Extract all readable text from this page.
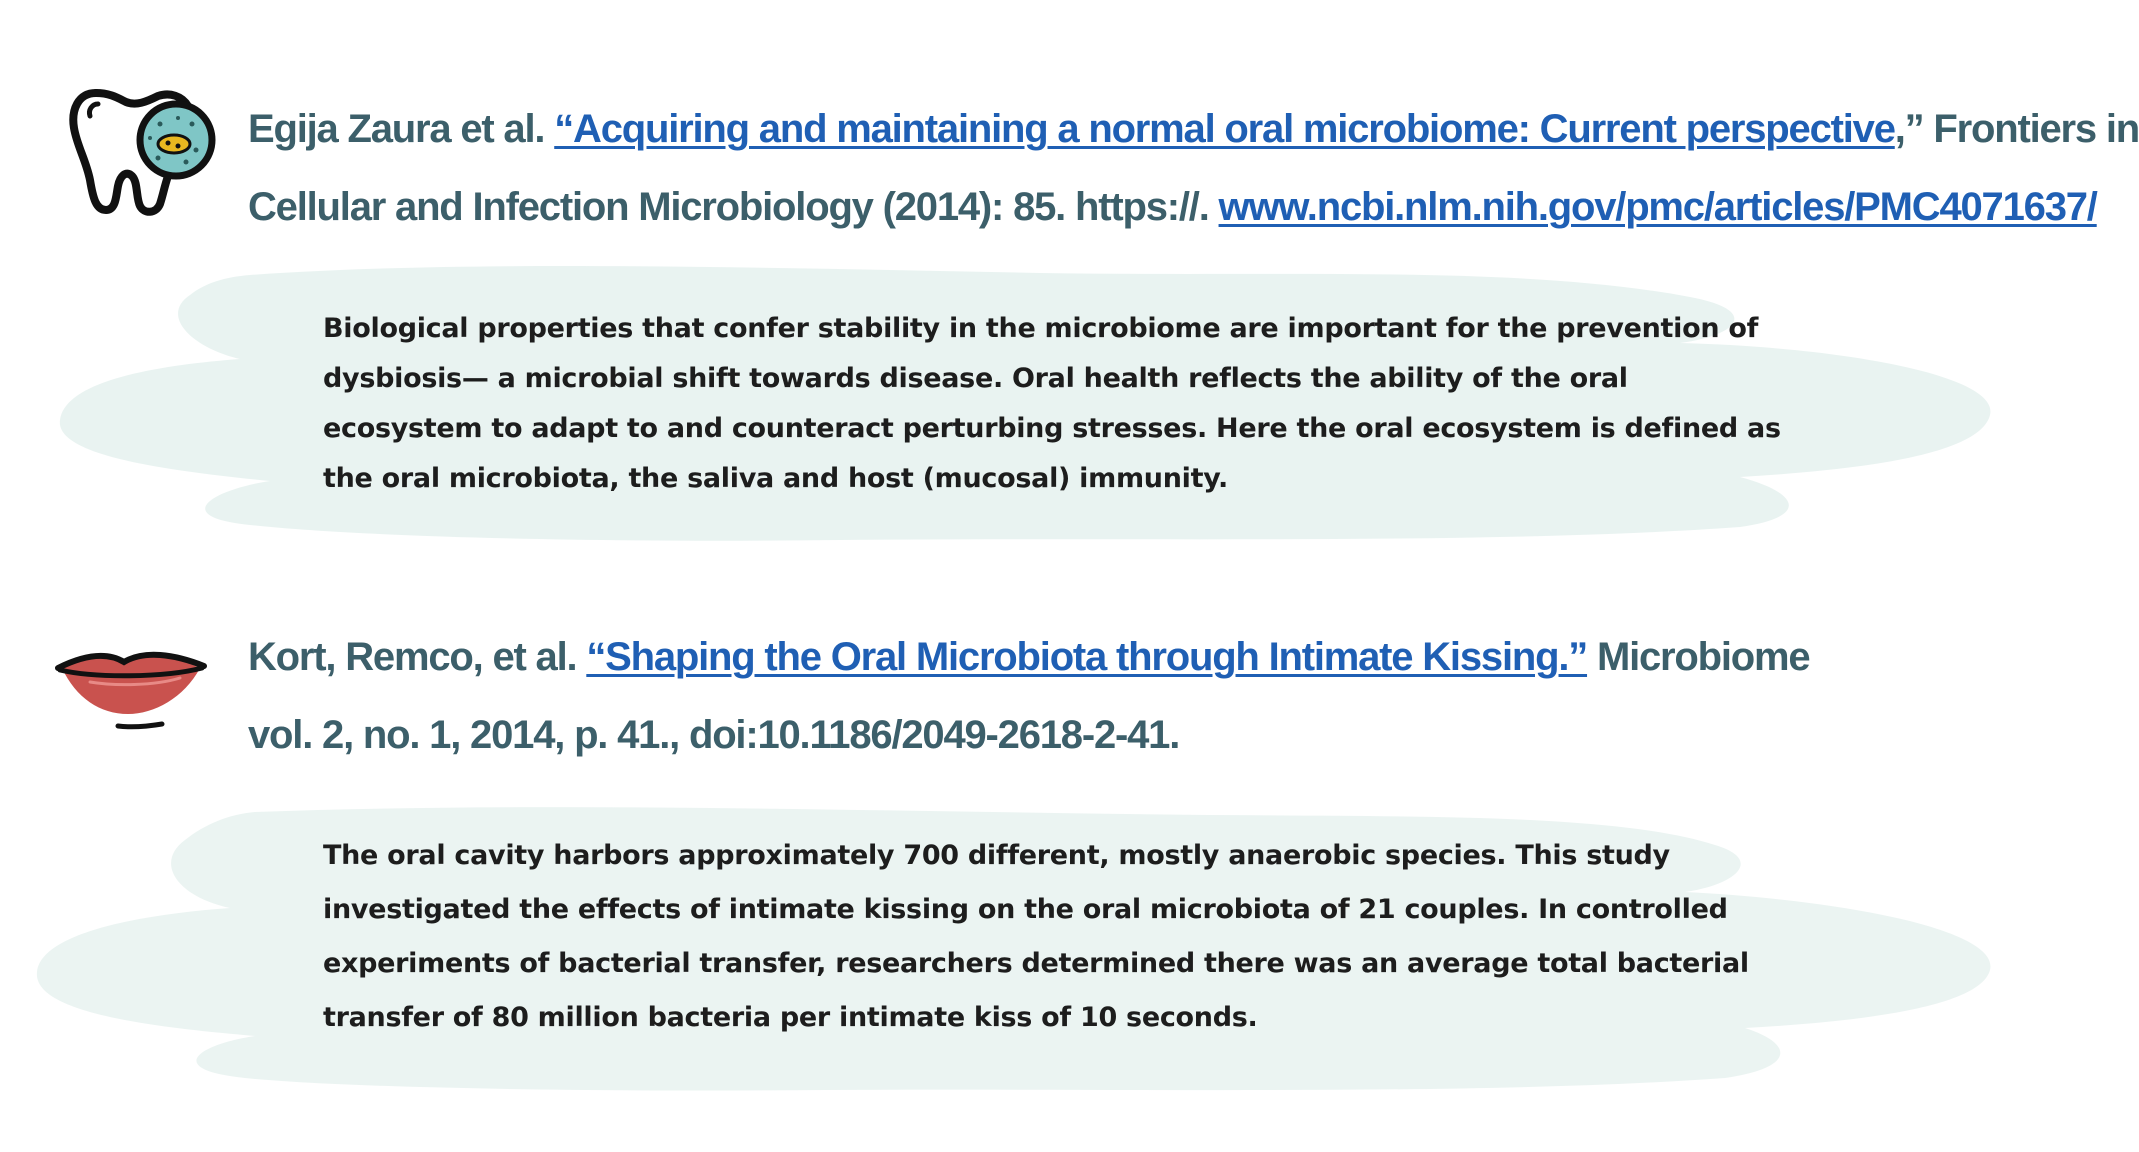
Egija Zaura et al. “Acquiring and maintaining a normal oral microbiome: Current perspective,” Frontiers in
Cellular and Infection Microbiology (2014): 85. https://. www.ncbi.nlm.nih.gov/pmc/articles/PMC4071637/

Biological properties that confer stability in the microbiome are important for the prevention of
dysbiosis— a microbial shift towards disease. Oral health reflects the ability of the oral
ecosystem to adapt to and counteract perturbing stresses. Here the oral ecosystem is defined as
the oral microbiota, the saliva and host (mucosal) immunity.

Kort, Remco, et al. “Shaping the Oral Microbiota through Intimate Kissing.” Microbiome
vol. 2, no. 1, 2014, p. 41., doi:10.1186/2049-2618-2-41.

The oral cavity harbors approximately 700 different, mostly anaerobic species. This study
investigated the effects of intimate kissing on the oral microbiota of 21 couples. In controlled
experiments of bacterial transfer, researchers determined there was an average total bacterial
transfer of 80 million bacteria per intimate kiss of 10 seconds.
